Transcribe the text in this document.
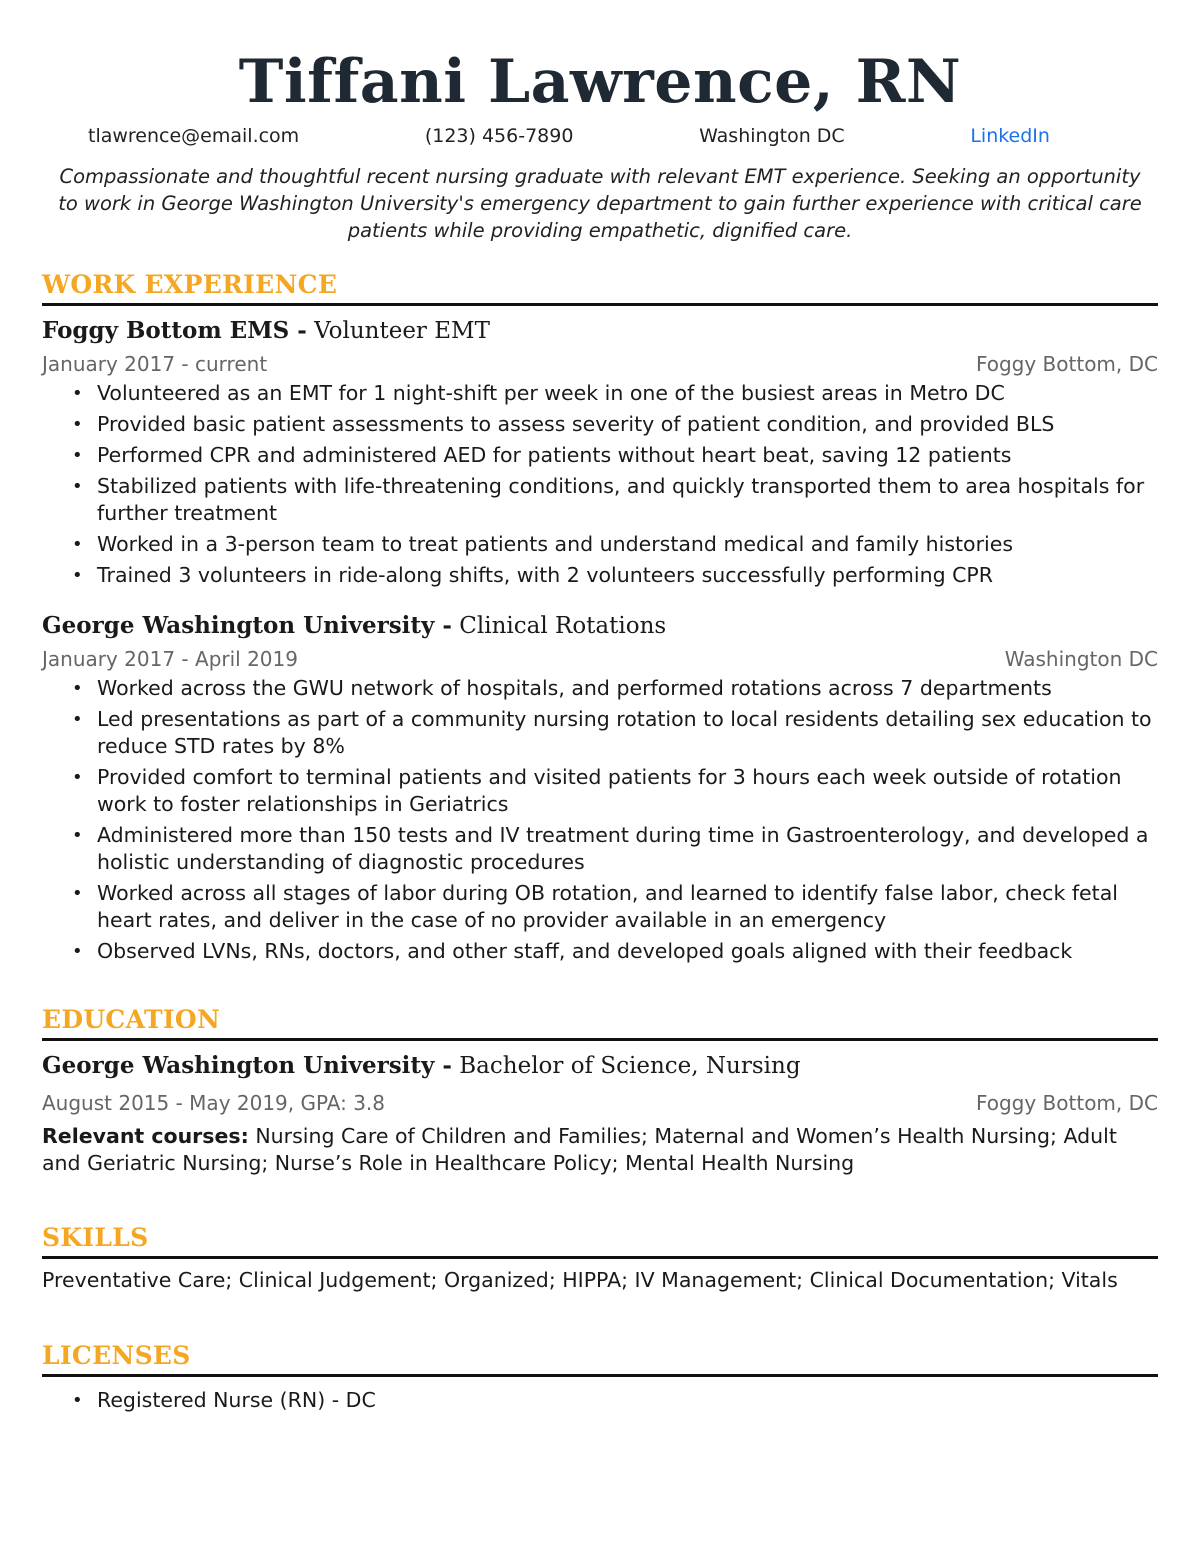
Tiffani Lawrence, RN
tlawrence@email.com	(123) 456-7890	Washington DC	LinkedIn
Compassionate and thoughtful recent nursing graduate with relevant EMT experience. Seeking an opportunity to work in George Washington University's emergency department to gain further experience with critical care patients while providing empathetic, dignified care.
WORK EXPERIENCE
Foggy Bottom EMS - Volunteer EMT
January 2017 - current	Foggy Bottom, DC
• Volunteered as an EMT for 1 night-shift per week in one of the busiest areas in Metro DC
• Provided basic patient assessments to assess severity of patient condition, and provided BLS
• Performed CPR and administered AED for patients without heart beat, saving 12 patients
• Stabilized patients with life-threatening conditions, and quickly transported them to area hospitals for further treatment
• Worked in a 3-person team to treat patients and understand medical and family histories
• Trained 3 volunteers in ride-along shifts, with 2 volunteers successfully performing CPR
George Washington University - Clinical Rotations
January 2017 - April 2019	Washington DC
• Worked across the GWU network of hospitals, and performed rotations across 7 departments
• Led presentations as part of a community nursing rotation to local residents detailing sex education to reduce STD rates by 8%
• Provided comfort to terminal patients and visited patients for 3 hours each week outside of rotation work to foster relationships in Geriatrics
• Administered more than 150 tests and IV treatment during time in Gastroenterology, and developed a holistic understanding of diagnostic procedures
• Worked across all stages of labor during OB rotation, and learned to identify false labor, check fetal heart rates, and deliver in the case of no provider available in an emergency
• Observed LVNs, RNs, doctors, and other staff, and developed goals aligned with their feedback
EDUCATION
George Washington University - Bachelor of Science, Nursing
August 2015 - May 2019, GPA: 3.8	Foggy Bottom, DC
Relevant courses: Nursing Care of Children and Families; Maternal and Women’s Health Nursing; Adult and Geriatric Nursing; Nurse’s Role in Healthcare Policy; Mental Health Nursing
SKILLS
Preventative Care; Clinical Judgement; Organized; HIPPA; IV Management; Clinical Documentation; Vitals
LICENSES
• Registered Nurse (RN) - DC
